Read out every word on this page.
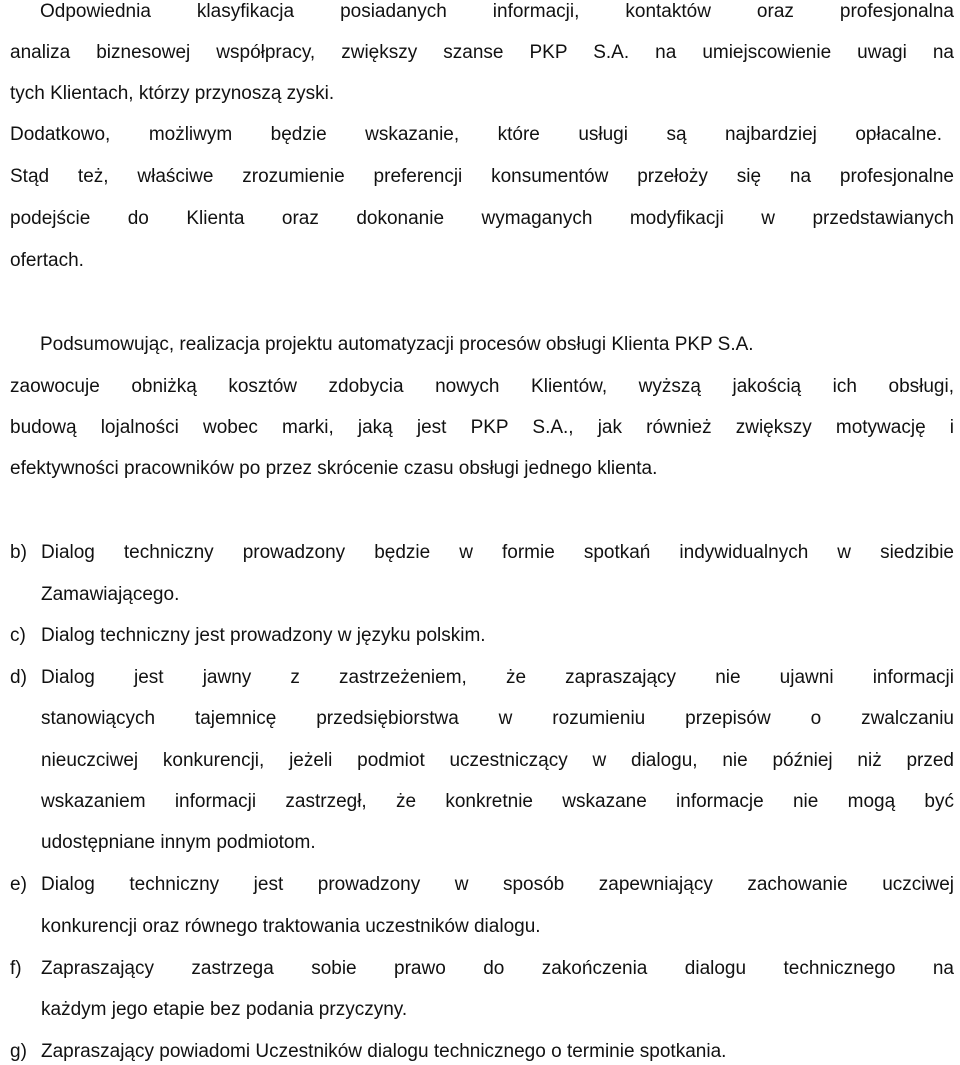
Odpowiednia klasyfikacja posiadanych informacji, kontaktów oraz profesjonalna
analiza biznesowej współpracy, zwiększy szanse PKP S.A. na umiejscowienie uwagi na
tych Klientach, którzy przynoszą zyski.
Dodatkowo, możliwym będzie wskazanie, które usługi są najbardziej opłacalne.
Stąd też, właściwe zrozumienie preferencji konsumentów przełoży się na profesjonalne
podejście do Klienta oraz dokonanie wymaganych modyfikacji w przedstawianych
ofertach.
Podsumowując, realizacja projektu automatyzacji procesów obsługi Klienta PKP S.A.
zaowocuje obniżką kosztów zdobycia nowych Klientów, wyższą jakością ich obsługi,
budową lojalności wobec marki, jaką jest PKP S.A., jak również zwiększy motywację i
efektywności pracowników po przez skrócenie czasu obsługi jednego klienta.
b) Dialog techniczny prowadzony będzie w formie spotkań indywidualnych w siedzibie
Zamawiającego.
c) Dialog techniczny jest prowadzony w języku polskim.
d) Dialog jest jawny z zastrzeżeniem, że zapraszający nie ujawni informacji
stanowiących tajemnicę przedsiębiorstwa w rozumieniu przepisów o zwalczaniu
nieuczciwej konkurencji, jeżeli podmiot uczestniczący w dialogu, nie później niż przed
wskazaniem informacji zastrzegł, że konkretnie wskazane informacje nie mogą być
udostępniane innym podmiotom.
e) Dialog techniczny jest prowadzony w sposób zapewniający zachowanie uczciwej
konkurencji oraz równego traktowania uczestników dialogu.
f) Zapraszający zastrzega sobie prawo do zakończenia dialogu technicznego na
każdym jego etapie bez podania przyczyny.
g) Zapraszający powiadomi Uczestników dialogu technicznego o terminie spotkania.
